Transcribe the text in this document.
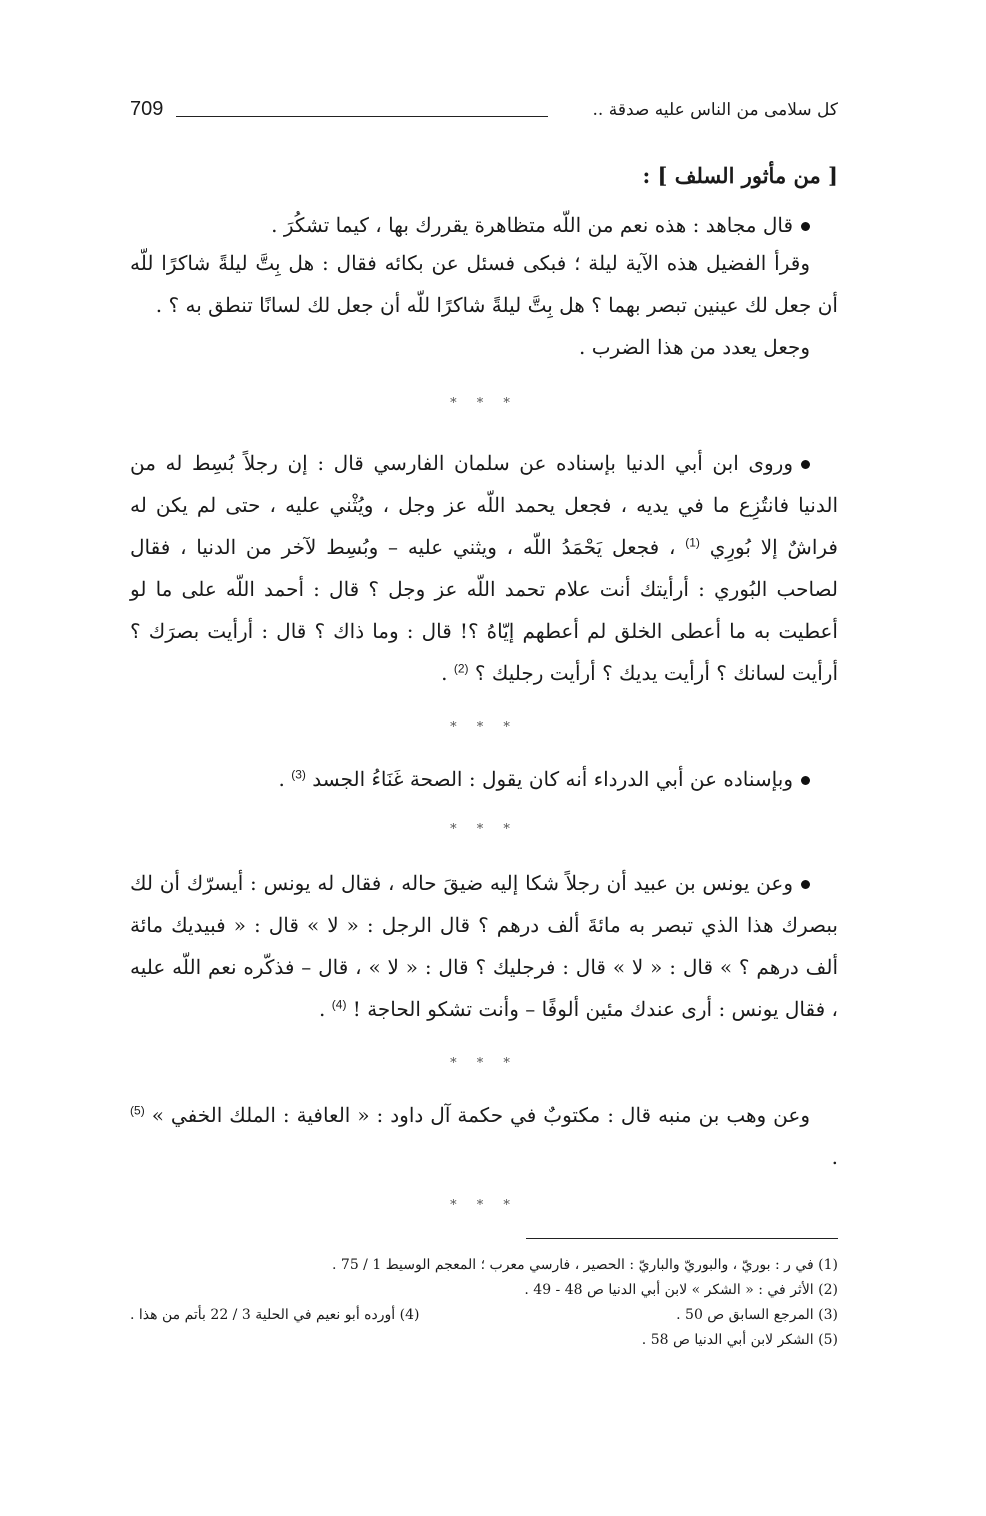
كل سلامى من الناس عليه صدقة ..
709
[ من مأثور السلف ] :

قال مجاهد : هذه نعم من اللّه متظاهرة يقررك بها ، كيما تشكُرَ .

وقرأ الفضيل هذه الآية ليلة ؛ فبكى فسئل عن بكائه فقال : هل بِتَّ ليلةً شاكرًا للّه أن جعل لك عينين تبصر بهما ؟ هل بِتَّ ليلةً شاكرًا للّه أن جعل لك لسانًا تنطق به ؟ .

وجعل يعدد من هذا الضرب .

* * *

وروى ابن أبي الدنيا بإسناده عن سلمان الفارسي قال : إن رجلاً بُسِط له من الدنيا فانتُزِع ما في يديه ، فجعل يحمد اللّه عز وجل ، ويُثْني عليه ، حتى لم يكن له فراشٌ إلا بُورِي $^{(1)}$ ، فجعل يَحْمَدُ اللّه ، ويثني عليه – وبُسِط لآخر من الدنيا ، فقال لصاحب البُوري : أرأيتك أنت علام تحمد اللّه عز وجل ؟ قال : أحمد اللّه على ما لو أعطيت به ما أعطى الخلق لم أعطهم إيّاهُ ؟! قال : وما ذاك ؟ قال : أرأيت بصرَك ؟ أرأيت لسانك ؟ أرأيت يديك ؟ أرأيت رجليك ؟ $^{(2)}$ .

* * *

وبإسناده عن أبي الدرداء أنه كان يقول : الصحة غَنَاءُ الجسد $^{(3)}$ .

* * *

وعن يونس بن عبيد أن رجلاً شكا إليه ضيقَ حاله ، فقال له يونس : أيسرّك أن لك ببصرك هذا الذي تبصر به مائةَ ألف درهم ؟ قال الرجل : « لا » قال : « فبيديك مائة ألف درهم ؟ » قال : « لا » قال : فرجليك ؟ قال : « لا » ، قال – فذكّره نعم اللّه عليه ، فقال يونس : أرى عندك مئين ألوفًا – وأنت تشكو الحاجة ! $^{(4)}$ .

* * *

وعن وهب بن منبه قال : مكتوبٌ في حكمة آل داود : « العافية : الملك الخفي » $^{(5)}$ .

* * *
(1) في ر : بوريّ ، والبوريّ والباريّ : الحصير ، فارسي معرب ؛ المعجم الوسيط 1 / 75 .
(2) الأثر في : « الشكر » لابن أبي الدنيا ص 48 - 49 .
(3) المرجع السابق ص 50 .
(4) أورده أبو نعيم في الحلية 3 / 22 بأتم من هذا .
(5) الشكر لابن أبي الدنيا ص 58 .
